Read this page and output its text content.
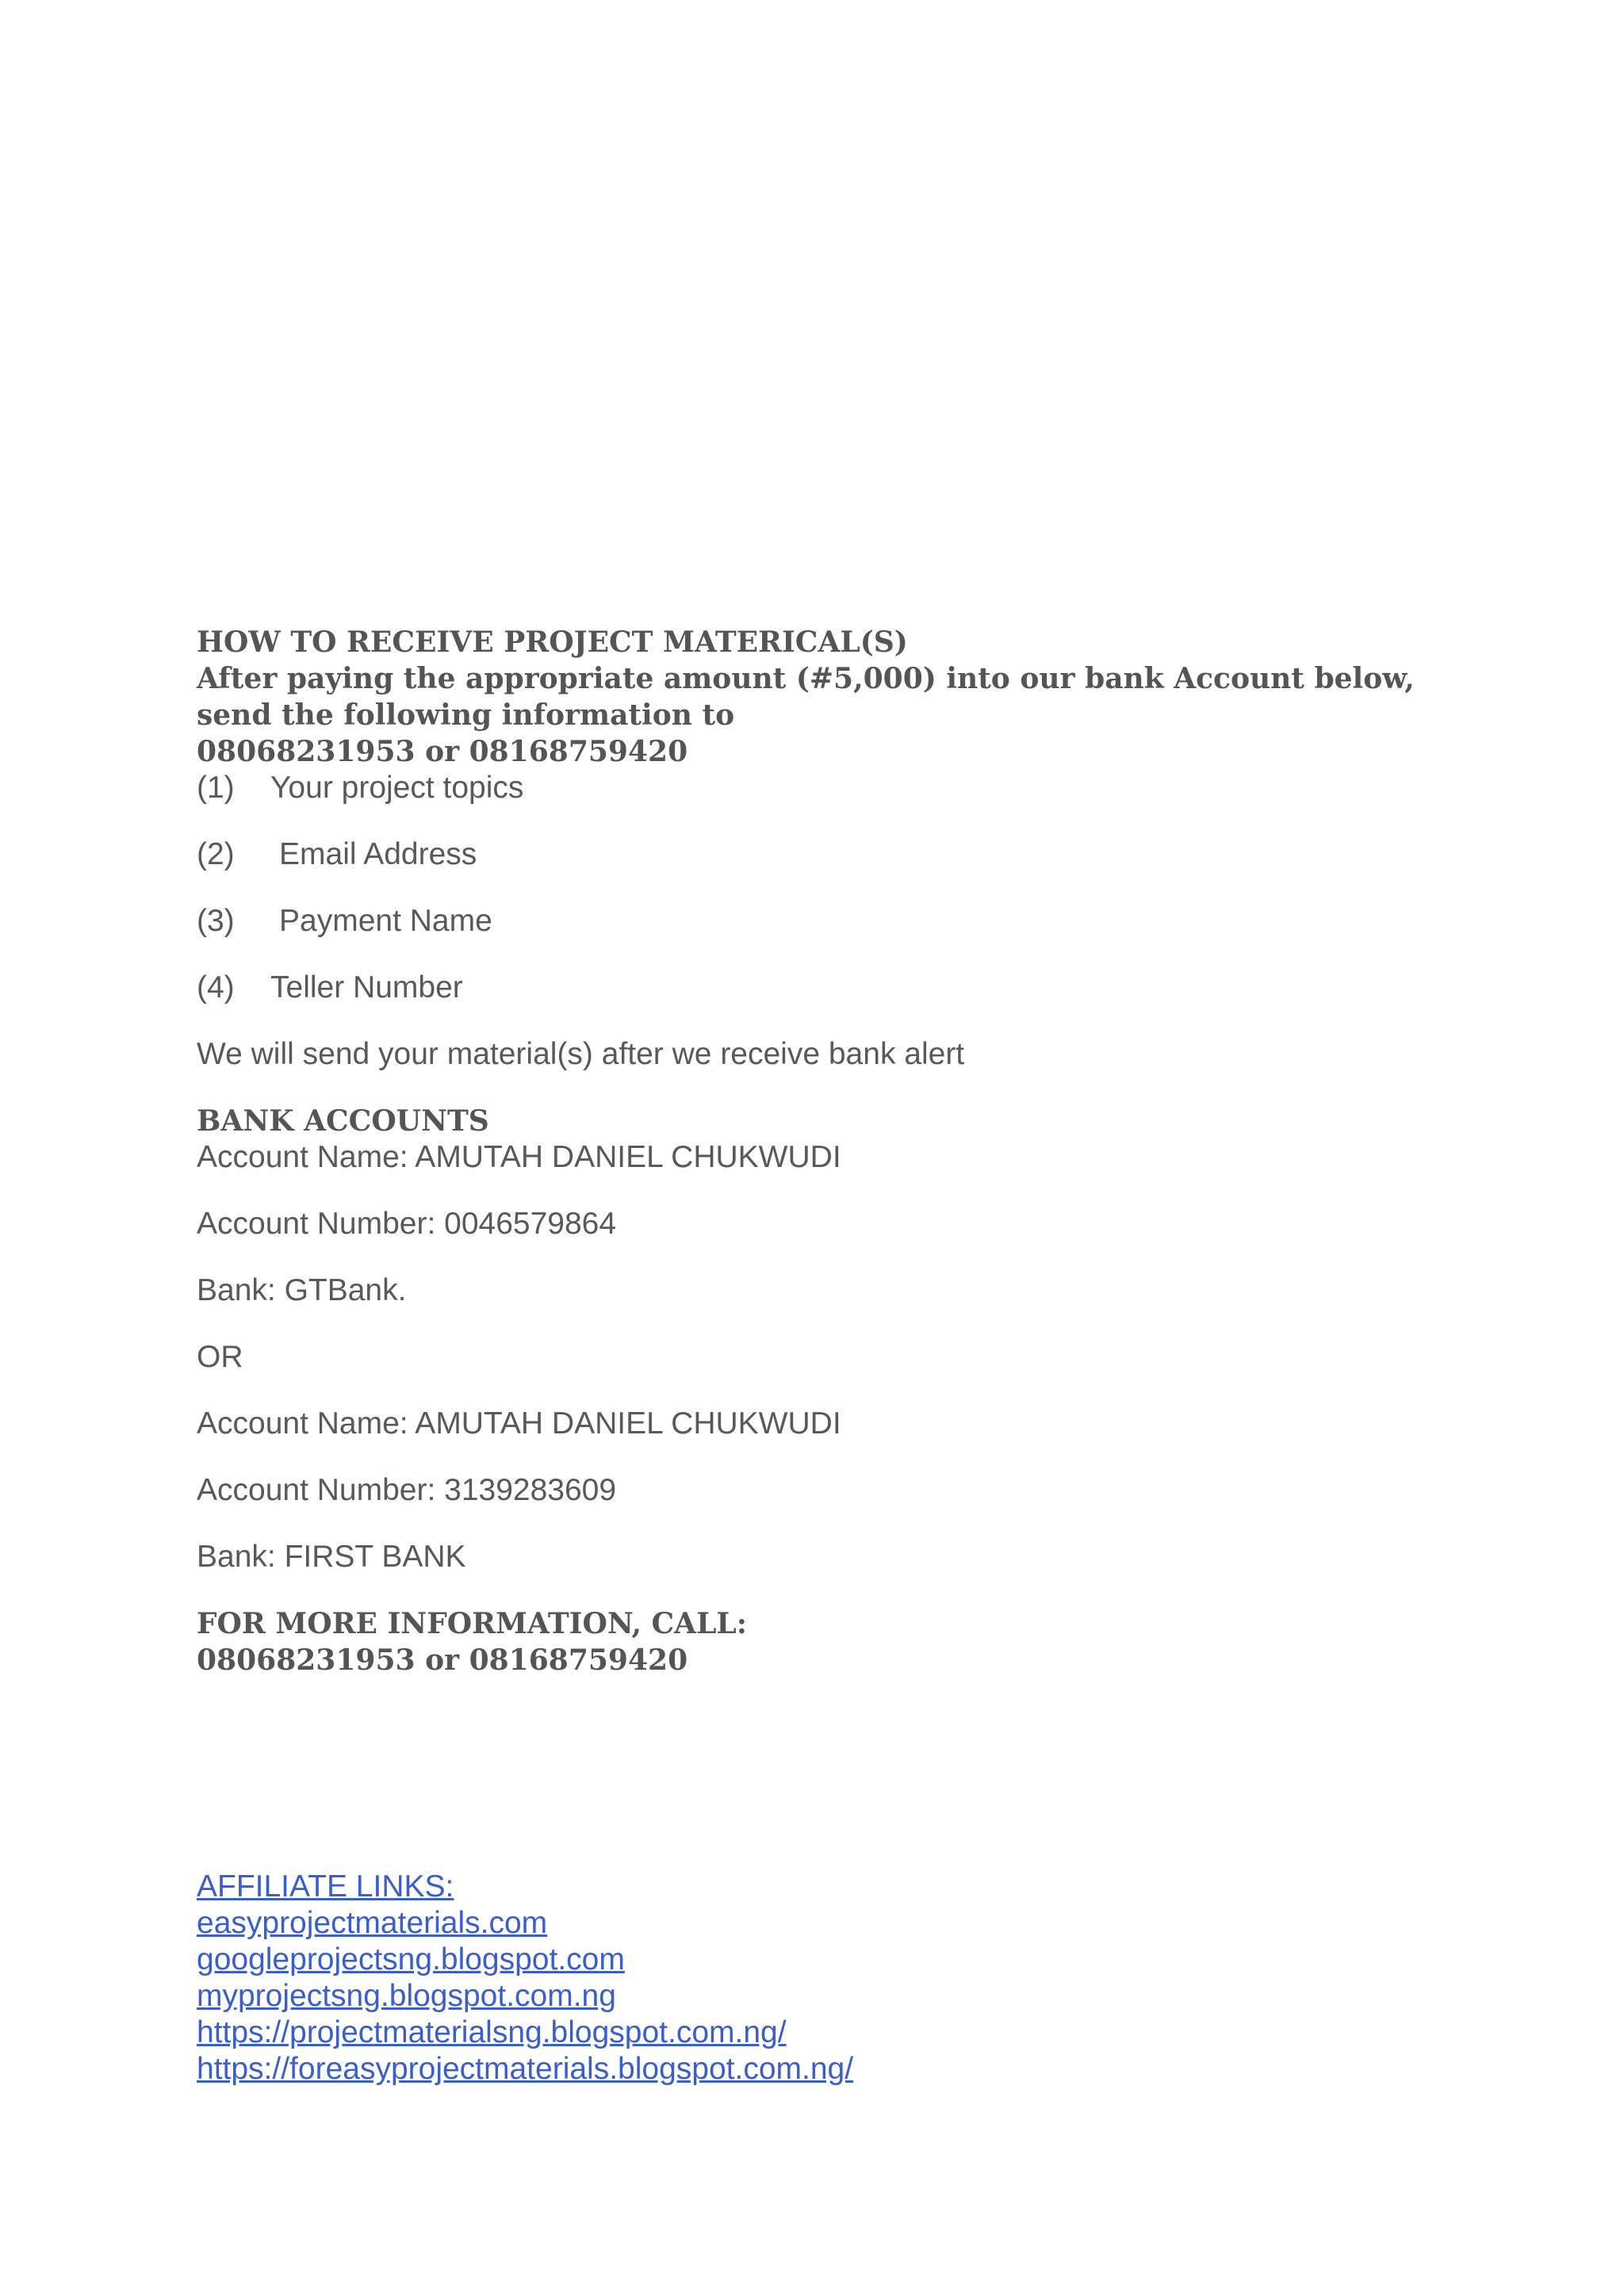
HOW TO RECEIVE PROJECT MATERICAL(S)

After paying the appropriate amount (#5,000) into our bank Account below, send the following information to

08068231953 or 08168759420

(1)	Your project topics
(2)	Email Address
(3)	Payment Name
(4)	Teller Number

We will send your material(s) after we receive bank alert

BANK ACCOUNTS

Account Name: AMUTAH DANIEL CHUKWUDI

Account Number: 0046579864

Bank: GTBank.

OR

Account Name: AMUTAH DANIEL CHUKWUDI

Account Number: 3139283609

Bank: FIRST BANK

FOR MORE INFORMATION, CALL:

08068231953 or 08168759420

AFFILIATE LINKS:
easyprojectmaterials.com
googleprojectsng.blogspot.com
myprojectsng.blogspot.com.ng
https://projectmaterialsng.blogspot.com.ng/
https://foreasyprojectmaterials.blogspot.com.ng/
